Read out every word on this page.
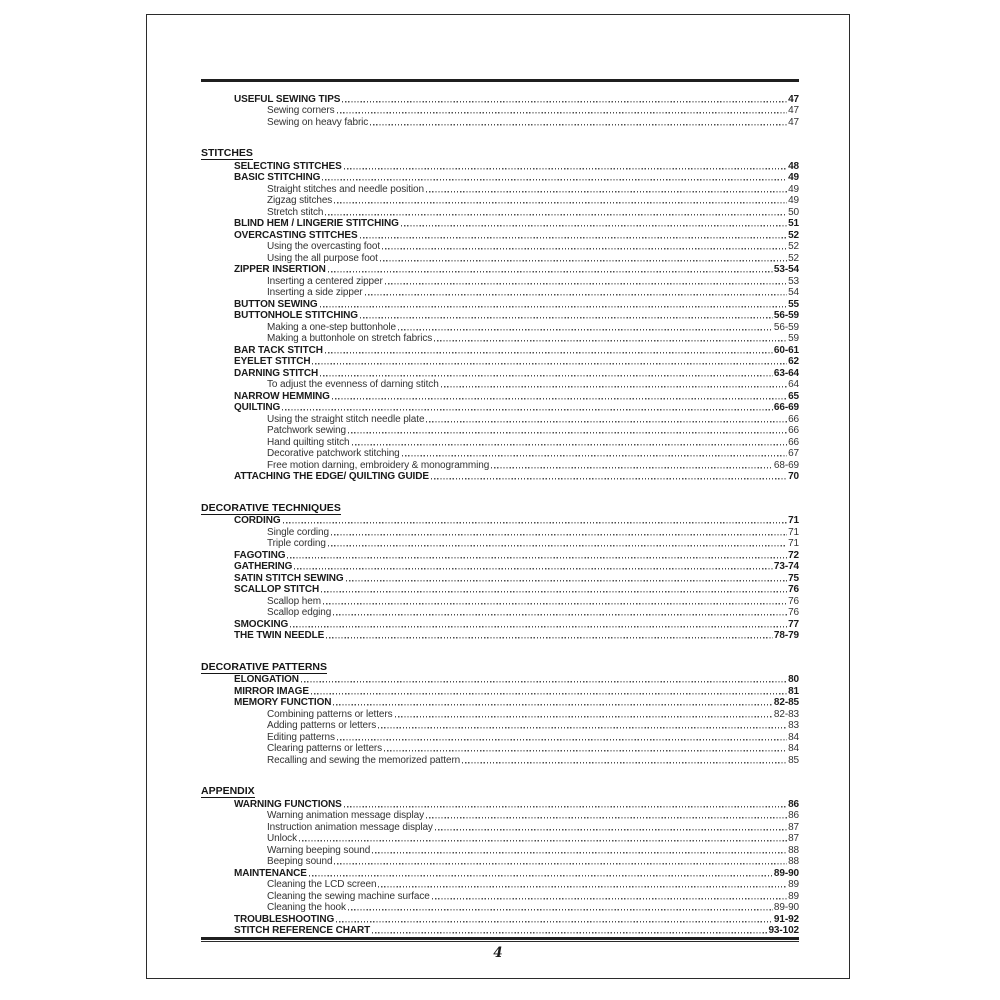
USEFUL SEWING TIPS	47
Sewing corners	47
Sewing on heavy fabric	47
STITCHES
SELECTING STITCHES	48
BASIC STITCHING	49
Straight stitches and needle position	49
Zigzag stitches	49
Stretch stitch	50
BLIND HEM / LINGERIE STITCHING	51
OVERCASTING STITCHES	52
Using the overcasting foot	52
Using the all purpose foot	52
ZIPPER INSERTION	53-54
Inserting a centered zipper	53
Inserting a side zipper	54
BUTTON SEWING	55
BUTTONHOLE STITCHING	56-59
Making a one-step buttonhole	56-59
Making a buttonhole on stretch fabrics	59
BAR TACK STITCH	60-61
EYELET STITCH	62
DARNING STITCH	63-64
To adjust the evenness of darning stitch	64
NARROW HEMMING	65
QUILTING	66-69
Using the straight stitch needle plate	66
Patchwork sewing	66
Hand quilting stitch	66
Decorative patchwork stitching	67
Free motion darning, embroidery & monogramming	68-69
ATTACHING THE EDGE/ QUILTING GUIDE	70
DECORATIVE TECHNIQUES
CORDING	71
Single cording	71
Triple cording	71
FAGOTING	72
GATHERING	73-74
SATIN STITCH SEWING	75
SCALLOP STITCH	76
Scallop hem	76
Scallop edging	76
SMOCKING	77
THE TWIN NEEDLE	78-79
DECORATIVE PATTERNS
ELONGATION	80
MIRROR IMAGE	81
MEMORY FUNCTION	82-85
Combining patterns or letters	82-83
Adding patterns or letters	83
Editing patterns	84
Clearing patterns or letters	84
Recalling and sewing the memorized pattern	85
APPENDIX
WARNING FUNCTIONS	86
Warning animation message display	86
Instruction animation message display	87
Unlock	87
Warning beeping sound	88
Beeping sound	88
MAINTENANCE	89-90
Cleaning the LCD screen	89
Cleaning the sewing machine surface	89
Cleaning the hook	89-90
TROUBLESHOOTING	91-92
STITCH REFERENCE CHART	93-102
4
